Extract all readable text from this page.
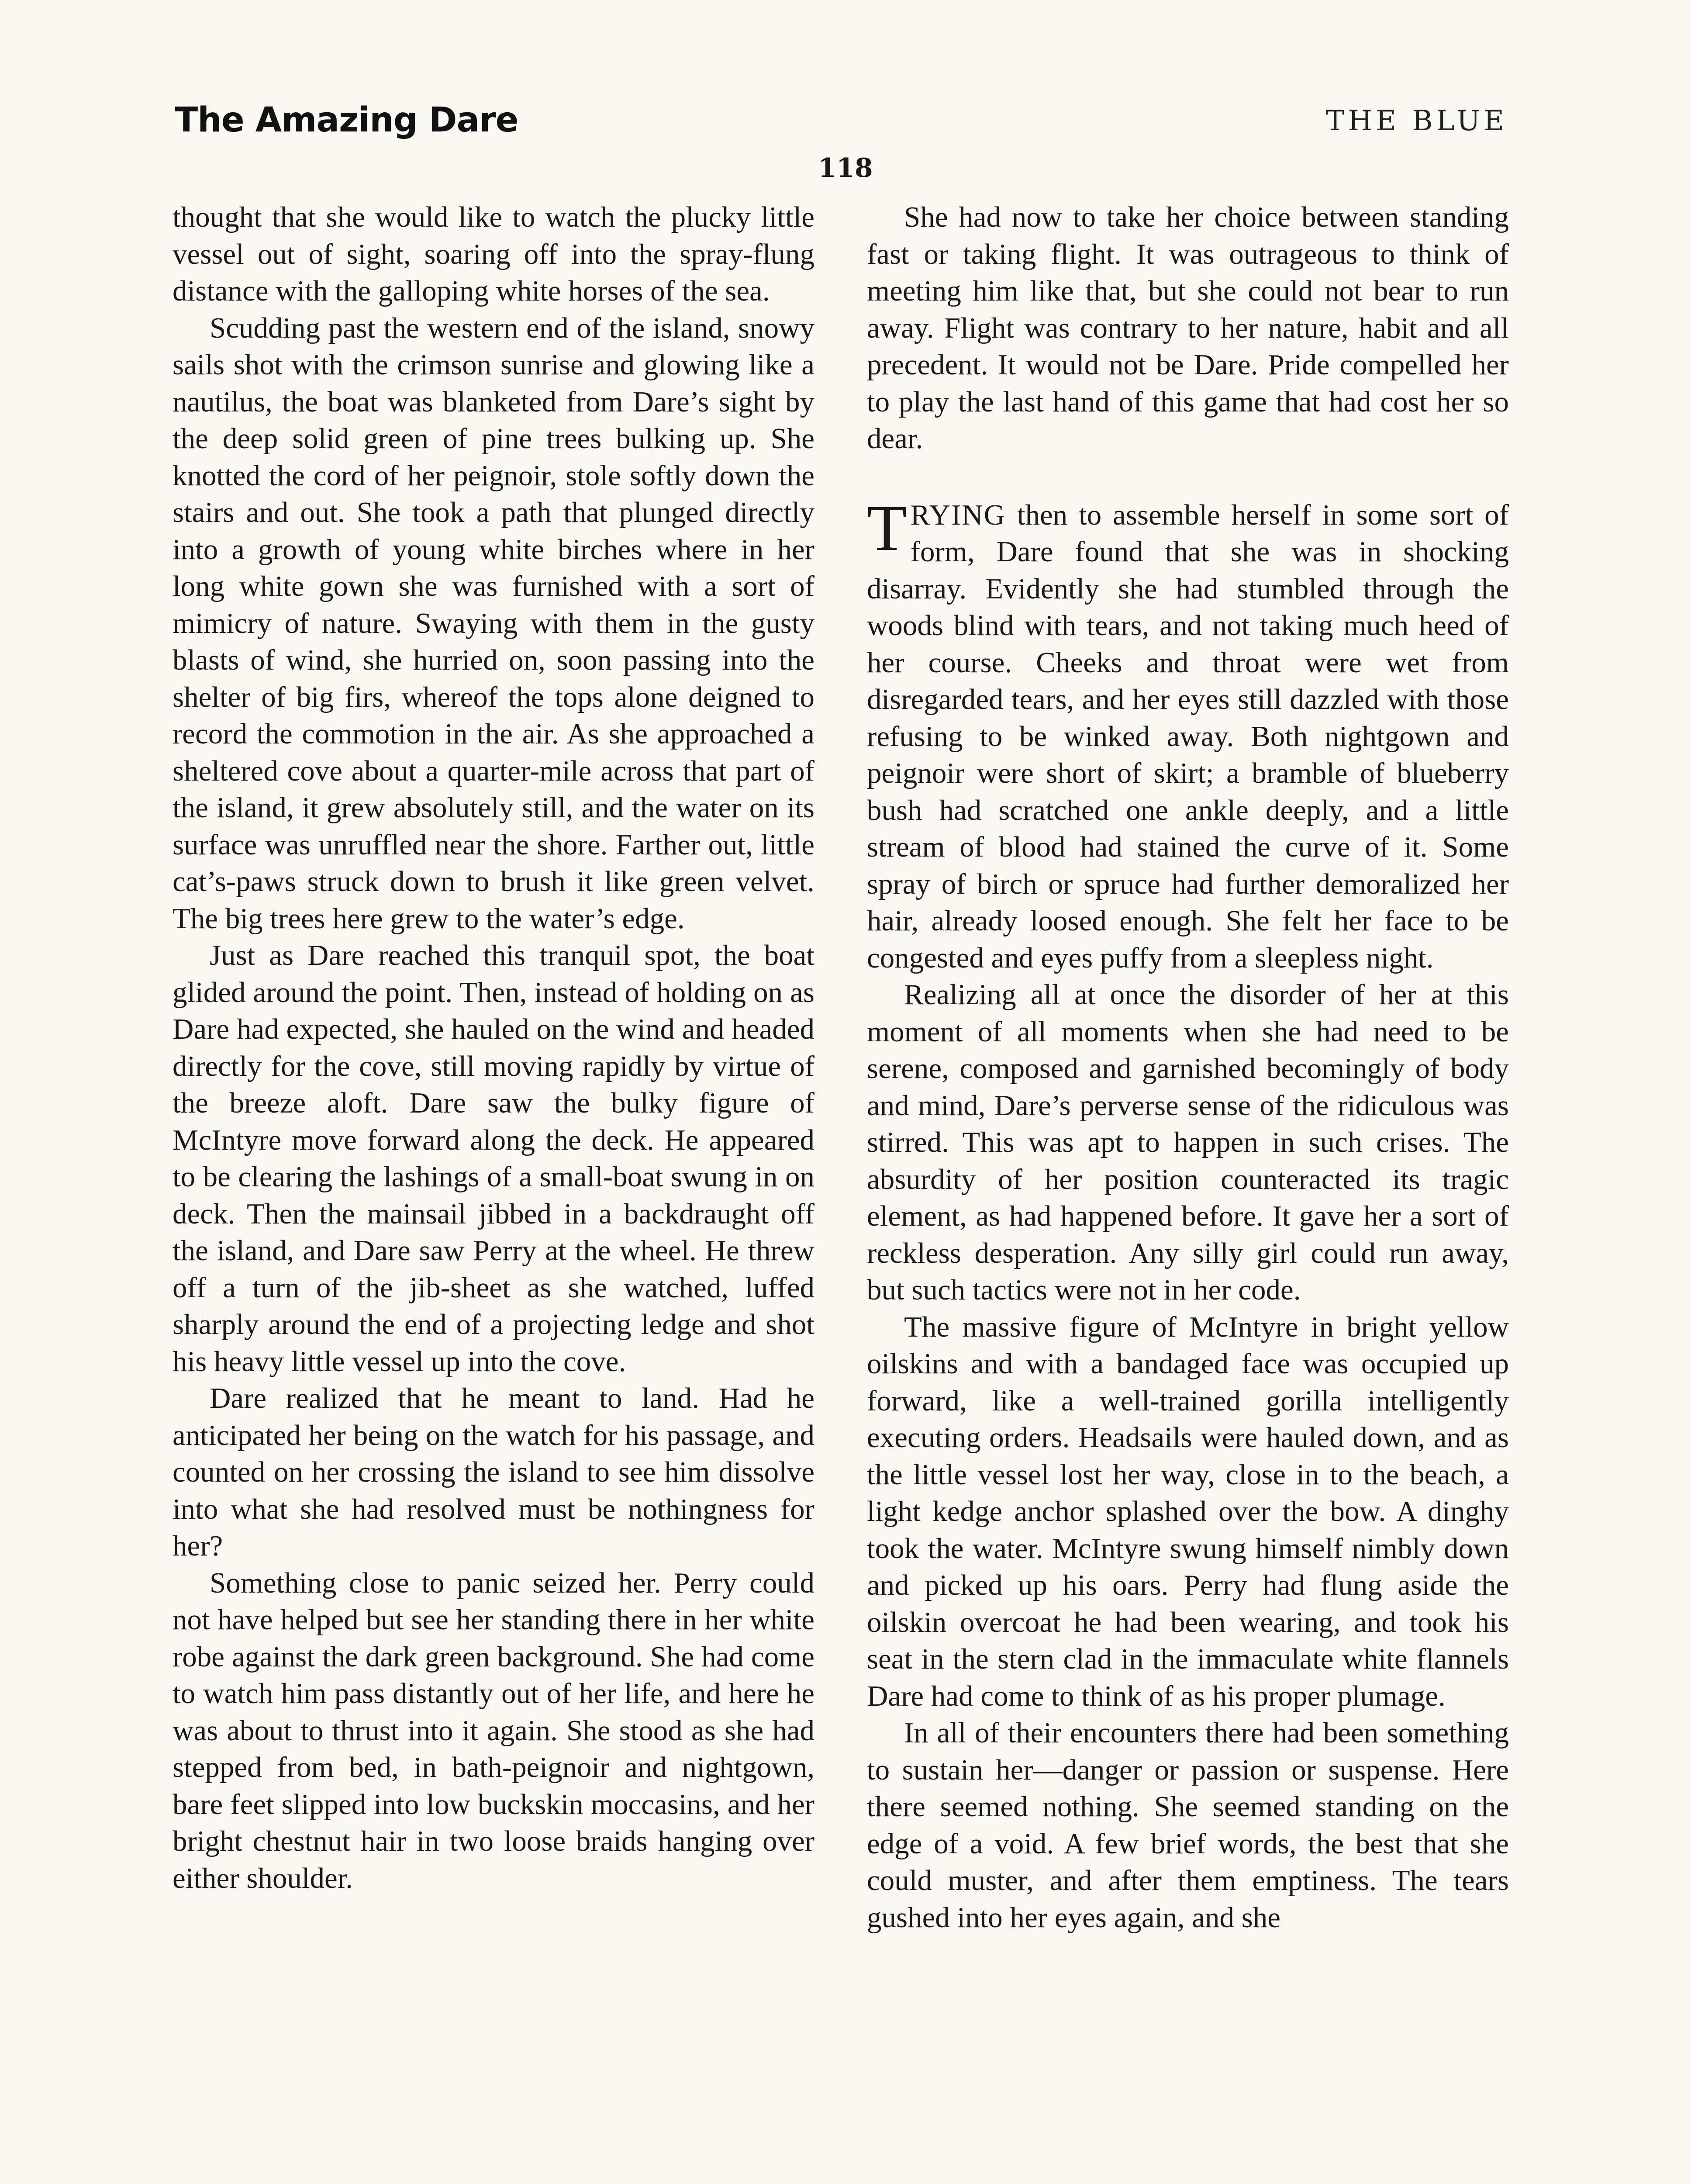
The Amazing Dare	THE BLUE
118

thought that she would like to watch the plucky little vessel out of sight, soaring off into the spray-flung distance with the galloping white horses of the sea.

Scudding past the western end of the island, snowy sails shot with the crimson sunrise and glowing like a nautilus, the boat was blanketed from Dare’s sight by the deep solid green of pine trees bulking up. She knotted the cord of her peignoir, stole softly down the stairs and out. She took a path that plunged directly into a growth of young white birches where in her long white gown she was furnished with a sort of mimicry of nature. Swaying with them in the gusty blasts of wind, she hurried on, soon passing into the shelter of big firs, whereof the tops alone deigned to record the commotion in the air. As she approached a sheltered cove about a quarter-mile across that part of the island, it grew absolutely still, and the water on its surface was unruffled near the shore. Farther out, little cat’s-paws struck down to brush it like green velvet. The big trees here grew to the water’s edge.

Just as Dare reached this tranquil spot, the boat glided around the point. Then, instead of holding on as Dare had expected, she hauled on the wind and headed directly for the cove, still moving rapidly by virtue of the breeze aloft. Dare saw the bulky figure of McIntyre move forward along the deck. He appeared to be clearing the lashings of a small-boat swung in on deck. Then the mainsail jibbed in a backdraught off the island, and Dare saw Perry at the wheel. He threw off a turn of the jib-sheet as she watched, luffed sharply around the end of a projecting ledge and shot his heavy little vessel up into the cove.

Dare realized that he meant to land. Had he anticipated her being on the watch for his passage, and counted on her crossing the island to see him dissolve into what she had resolved must be nothingness for her?

Something close to panic seized her. Perry could not have helped but see her standing there in her white robe against the dark green background. She had come to watch him pass distantly out of her life, and here he was about to thrust into it again. She stood as she had stepped from bed, in bath-peignoir and nightgown, bare feet slipped into low buckskin moccasins, and her bright chestnut hair in two loose braids hanging over either shoulder.

She had now to take her choice between standing fast or taking flight. It was outrageous to think of meeting him like that, but she could not bear to run away. Flight was contrary to her nature, habit and all precedent. It would not be Dare. Pride compelled her to play the last hand of this game that had cost her so dear.

TRYING then to assemble herself in some sort of form, Dare found that she was in shocking disarray. Evidently she had stumbled through the woods blind with tears, and not taking much heed of her course. Cheeks and throat were wet from disregarded tears, and her eyes still dazzled with those refusing to be winked away. Both nightgown and peignoir were short of skirt; a bramble of blueberry bush had scratched one ankle deeply, and a little stream of blood had stained the curve of it. Some spray of birch or spruce had further demoralized her hair, already loosed enough. She felt her face to be congested and eyes puffy from a sleepless night.

Realizing all at once the disorder of her at this moment of all moments when she had need to be serene, composed and garnished becomingly of body and mind, Dare’s perverse sense of the ridiculous was stirred. This was apt to happen in such crises. The absurdity of her position counteracted its tragic element, as had happened before. It gave her a sort of reckless desperation. Any silly girl could run away, but such tactics were not in her code.

The massive figure of McIntyre in bright yellow oilskins and with a bandaged face was occupied up forward, like a well-trained gorilla intelligently executing orders. Headsails were hauled down, and as the little vessel lost her way, close in to the beach, a light kedge anchor splashed over the bow. A dinghy took the water. McIntyre swung himself nimbly down and picked up his oars. Perry had flung aside the oilskin overcoat he had been wearing, and took his seat in the stern clad in the immaculate white flannels Dare had come to think of as his proper plumage.

In all of their encounters there had been something to sustain her—danger or passion or suspense. Here there seemed nothing. She seemed standing on the edge of a void. A few brief words, the best that she could muster, and after them emptiness. The tears gushed into her eyes again, and she
